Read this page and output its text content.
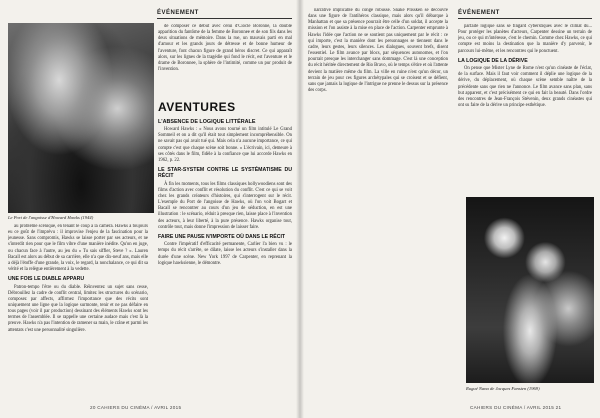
Le Port de l'angoisse d'Howard Hawks (1944)

au problème scénique, en tenant le coup à la caméra. Hawks a toujours eu ce goût de l'imprévu : il improvise l'enjeu de la fascination pour la jeunesse. Sans compromis, Hawks se laisse porter par ses acteurs, et ne s'interdit rien pour que le film vibre d'une manière inédite. Qu'on en juge, ou chacun face à l'autre, au jeu du « Tu sais siffler, Steve ? ». Lauren Bacall est alors au début de sa carrière, elle n'a que dix-neuf ans, mais elle a déjà l'étoffe d'une grande, la voix, le regard, la nonchalance, ce qui dit sa vérité et la relègue entièrement à la vedette.

UNE FOIS LE DIABLE APPARU

Patron-tempo l'être ou du diable. Réinventez un sujet sans cesse, Débrouillez la cadre de conflit central, limitez les structures du scénario, composez par affects, affirmez l'importance que des récits sont uniquement une ligne que la logique surmonte, tenir et ne pas défaire en tous pages (voir il par production) dessinant des éléments Hawks sont les termes de l'assemblée. Il se rappelle une certaine audace mais c'est là la preuve. Hawks n'a pas l'intention de ramener sa main, le crâne et parmi les attentats c'est une personnalité singulière.

ÉVÉNEMENT

de composer ce début avec celui d'Ciocle Boronne, la double apparition du fantôme de la femme de Boronnee et de son fils dans les deux situations de mémoire. Dans la rue, un mauvais parti en mal d'amour et les grands jours de détresse et de bonne humeur de l'aventure, font chacun figure de grand héros discret. Ce qui apparaît alors, sur les lignes de la tragédie qui fond le récit, est l'aventure et le drame de Boronnee, la sphère de l'intimité, comme un pur produit de l'invention.

AVENTURES
L'ABSENCE DE LOGIQUE LITTÉRALE

Howard Hawks : « Nous avons tourné un film intitulé Le Grand Sommeil et on a dit qu'il était tout simplement incompréhensible. On ne savait pas qui avait tué qui. Mais cela n'a aucune importance, ce qui compte c'est que chaque scène soit bonne. » L'écrivain, ici, demeure à ses côtés dans le film, fidèle à la confiance que lui accorde Hawks en 1962, p. 22.

LE STAR-SYSTEM CONTRE LE SYSTÉMATISME DU RÉCIT

À fin les moments, tous les films classiques hollywoodiens sont des films d'action avec conflit et résolution du conflit. C'est ce qui se voit chez les grands créateurs d'histoires, qui s'interrogent sur le récit. L'exemple du Port de l'angoisse de Hawks, où l'on voit Bogart et Bacall se rencontrer au cours d'un jeu de séduction, en est une illustration : le scénario, réduit à presque rien, laisse place à l'invention des acteurs, à leur liberté, à la pure présence. Hawks organise tout, contrôle tout, mais donne l'impression de laisser faire.

FAIRE UNE PAUSE N'IMPORTE OÙ DANS LE RÉCIT

Contre l'impératif d'efficacité permanente, Carlier l'a bien vu : le temps du récit s'arrête, se dilate, laisse les acteurs s'installer dans la durée d'une scène. New York 1997 de Carpenter, en reprenant la logique hawksienne, le démontre.

20 CAHIERS DU CINÉMA / AVRIL 2015

narrative implicable du congé robusse. Snake Plissken se découvre dans une figure de l'antihéros classique, mais alors qu'il débarque à Manhattan et que sa présence pourrait être celle d'un soldat, il accepte la mission et l'on assiste à la mise en place de l'action. Carpenter emprunte à Hawks l'idée que l'action ne se soutient pas uniquement par le récit : ce qui importe, c'est la manière dont les personnages se tiennent dans le cadre, leurs gestes, leurs silences. Les dialogues, souvent brefs, disent l'essentiel. Le film avance par blocs, par séquences autonomes, et l'on pourrait presque les interchanger sans dommage. C'est là une conception du récit héritée directement de Rio Bravo, où le temps s'étire et où l'attente devient la matière même du film. La ville en ruine n'est qu'un décor, un terrain de jeu pour ces figures archétypales qui se croisent et se défient, sans que jamais la logique de l'intrigue ne prenne le dessus sur la présence des corps.

ÉVÉNEMENT

parfaite logique sans se fingard cyberstiques avec le climat du... Pour protéger les planètes d'acteurs, Carpenter dessine un terrain de jeu, ou ce qui m'intéresse, c'est le chemin. Comme chez Hawks, ce qui compte est moins la destination que la manière d'y parvenir, le parcours lui-même, et les rencontres qui le ponctuent.

LA LOGIQUE DE LA DÉRIVE

On pense que Mister Lyne de Rome n'est qu'un cinéaste de l'éclat, de la surface. Mais il faut voir comment il déplie une logique de la dérive, du déplacement, où chaque scène semble naître de la précédente sans que rien ne l'annonce. Le film avance sans plan, sans but apparent, et c'est précisément ce qui en fait la beauté. Dans l'ordre des rencontres de Jean-François Stévenin, deux grands cinéastes qui ont su faire de la dérive un principe esthétique.

Rugué Nana de Jacques Fansten (1969)
CAHIERS DU CINÉMA / AVRIL 2015 21
